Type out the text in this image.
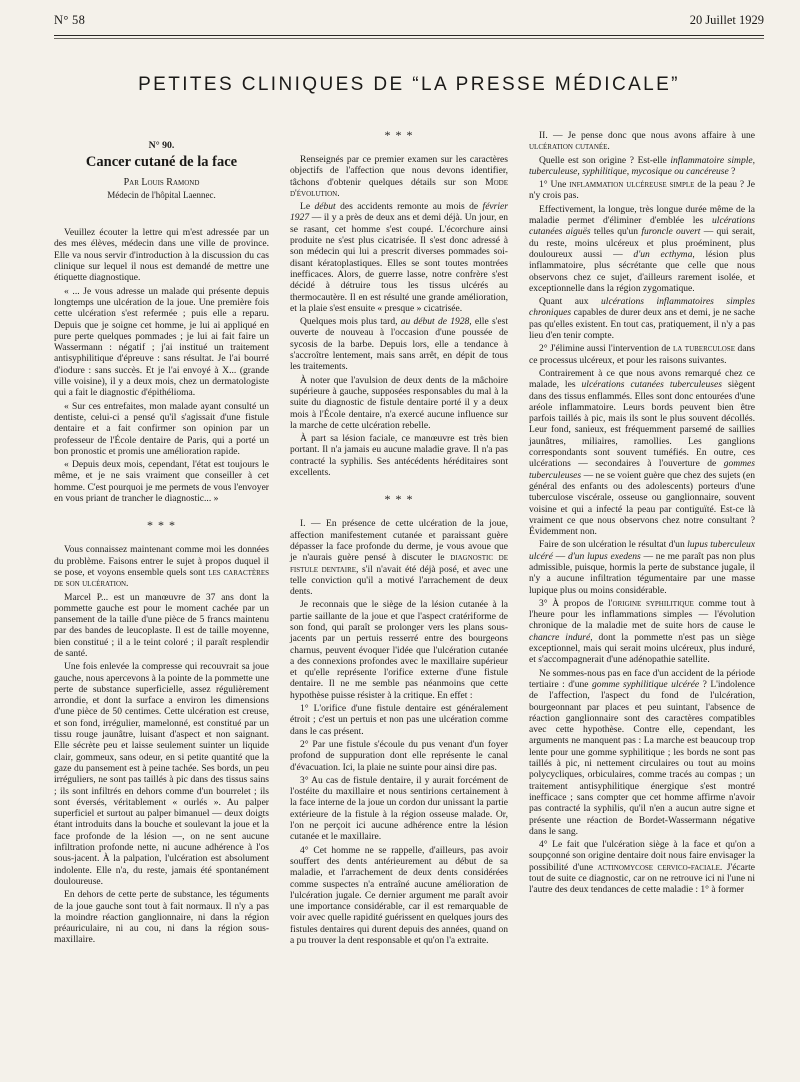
N° 58	20 Juillet 1929
PETITES CLINIQUES DE “LA PRESSE MÉDICALE”
N° 90.
Cancer cutané de la face
Par Louis Ramond
Médecin de l'hôpital Laennec.

Veuillez écouter la lettre qui m'est adressée par un des mes élèves, médecin dans une ville de province. Elle va nous servir d'introduction à la discussion du cas clinique sur lequel il nous est demandé de mettre une étiquette diagnostique.

« ... Je vous adresse un malade qui présente depuis longtemps une ulcération de la joue. Une première fois cette ulcération s'est refermée ; puis elle a reparu. Depuis que je soigne cet homme, je lui ai appliqué en pure perte quelques pommades ; je lui ai fait faire un Wassermann : négatif ; j'ai institué un traitement antisyphilitique d'épreuve : sans résultat. Je l'ai bourré d'iodure : sans succès. Et je l'ai envoyé à X... (grande ville voisine), il y a deux mois, chez un dermatologiste qui a fait le diagnostic d'épithélioma.

« Sur ces entrefaites, mon malade ayant consulté un dentiste, celui-ci a pensé qu'il s'agissait d'une fistule dentaire et a fait confirmer son opinion par un professeur de l'École dentaire de Paris, qui a porté un bon pronostic et promis une amélioration rapide.

« Depuis deux mois, cependant, l'état est toujours le même, et je ne sais vraiment que conseiller à cet homme. C'est pourquoi je me permets de vous l'envoyer en vous priant de trancher le diagnostic... »

* * *

Vous connaissez maintenant comme moi les données du problème. Faisons entrer le sujet à propos duquel il se pose, et voyons ensemble quels sont les caractères de son ulcération.

Marcel P... est un manœuvre de 37 ans dont la pommette gauche est pour le moment cachée par un pansement de la taille d'une pièce de 5 francs maintenu par des bandes de leucoplaste. Il est de taille moyenne, bien constitué ; il a le teint coloré ; il paraît resplendir de santé.

Une fois enlevée la compresse qui recouvrait sa joue gauche, nous apercevons à la pointe de la pommette une perte de substance superficielle, assez régulièrement arrondie, et dont la surface a environ les dimensions d'une pièce de 50 centimes. Cette ulcération est creuse, et son fond, irrégulier, mamelonné, est constitué par un tissu rouge jaunâtre, luisant d'aspect et non saignant. Elle sécrète peu et laisse seulement suinter un liquide clair, gommeux, sans odeur, en si petite quantité que la gaze du pansement est à peine tachée. Ses bords, un peu irréguliers, ne sont pas taillés à pic dans des tissus sains ; ils sont infiltrés en dehors comme d'un bourrelet ; ils sont éversés, véritablement « ourlés ». Au palper superficiel et surtout au palper bimanuel — deux doigts étant introduits dans la bouche et soulevant la joue et la face profonde de la lésion —, on ne sent aucune infiltration profonde nette, ni aucune adhérence à l'os sous-jacent. À la palpation, l'ulcération est absolument indolente. Elle n'a, du reste, jamais été spontanément douloureuse.

En dehors de cette perte de substance, les téguments de la joue gauche sont tout à fait normaux. Il n'y a pas la moindre réaction ganglionnaire, ni dans la région préauriculaire, ni au cou, ni dans la région sous-maxillaire.

* * *

Renseignés par ce premier examen sur les caractères objectifs de l'affection que nous devons identifier, tâchons d'obtenir quelques détails sur son Mode d'évolution.

Le début des accidents remonte au mois de février 1927 — il y a près de deux ans et demi déjà. Un jour, en se rasant, cet homme s'est coupé. L'écorchure ainsi produite ne s'est plus cicatrisée. Il s'est donc adressé à son médecin qui lui a prescrit diverses pommades soi-disant kératoplastiques. Elles se sont toutes montrées inefficaces. Alors, de guerre lasse, notre confrère s'est décidé à détruire tous les tissus ulcérés au thermocautère. Il en est résulté une grande amélioration, et la plaie s'est ensuite « presque » cicatrisée.

Quelques mois plus tard, au début de 1928, elle s'est ouverte de nouveau à l'occasion d'une poussée de sycosis de la barbe. Depuis lors, elle a tendance à s'accroître lentement, mais sans arrêt, en dépit de tous les traitements.

À noter que l'avulsion de deux dents de la mâchoire supérieure à gauche, supposées responsables du mal à la suite du diagnostic de fistule dentaire porté il y a deux mois à l'École dentaire, n'a exercé aucune influence sur la marche de cette ulcération rebelle.

À part sa lésion faciale, ce manœuvre est très bien portant. Il n'a jamais eu aucune maladie grave. Il n'a pas contracté la syphilis. Ses antécédents héréditaires sont excellents.

* * *

I. — En présence de cette ulcération de la joue, affection manifestement cutanée et paraissant guère dépasser la face profonde du derme, je vous avoue que je n'aurais guère pensé à discuter le diagnostic de fistule dentaire, s'il n'avait été déjà posé, et avec une telle conviction qu'il a motivé l'arrachement de deux dents.

Je reconnais que le siège de la lésion cutanée à la partie saillante de la joue et que l'aspect cratériforme de son fond, qui paraît se prolonger vers les plans sous-jacents par un pertuis resserré entre des bourgeons charnus, peuvent évoquer l'idée que l'ulcération cutanée a des connexions profondes avec le maxillaire supérieur et qu'elle représente l'orifice externe d'une fistule dentaire. Il ne me semble pas néanmoins que cette hypothèse puisse résister à la critique. En effet :

1° L'orifice d'une fistule dentaire est généralement étroit ; c'est un pertuis et non pas une ulcération comme dans le cas présent.

2° Par une fistule s'écoule du pus venant d'un foyer profond de suppuration dont elle représente le canal d'évacuation. Ici, la plaie ne suinte pour ainsi dire pas.

3° Au cas de fistule dentaire, il y aurait forcément de l'ostéite du maxillaire et nous sentirions certainement à la face interne de la joue un cordon dur unissant la partie extérieure de la fistule à la région osseuse malade. Or, l'on ne perçoit ici aucune adhérence entre la lésion cutanée et le maxillaire.

4° Cet homme ne se rappelle, d'ailleurs, pas avoir souffert des dents antérieurement au début de sa maladie, et l'arrachement de deux dents considérées comme suspectes n'a entraîné aucune amélioration de l'ulcération jugale. Ce dernier argument me paraît avoir une importance considérable, car il est remarquable de voir avec quelle rapidité guérissent en quelques jours des fistules dentaires qui durent depuis des années, quand on a pu trouver la dent responsable et qu'on l'a extraite.

II. — Je pense donc que nous avons affaire à une ulcération cutanée.

Quelle est son origine ? Est-elle inflammatoire simple, tuberculeuse, syphilitique, mycosique ou cancéreuse ?

1° Une inflammation ulcéreuse simple de la peau ? Je n'y crois pas.

Effectivement, la longue, très longue durée même de la maladie permet d'éliminer d'emblée les ulcérations cutanées aiguës telles qu'un furoncle ouvert — qui serait, du reste, moins ulcéreux et plus proéminent, plus douloureux aussi — d'un ecthyma, lésion plus inflammatoire, plus sécrétante que celle que nous observons chez ce sujet, d'ailleurs rarement isolée, et exceptionnelle dans la région zygomatique.

Quant aux ulcérations inflammatoires simples chroniques capables de durer deux ans et demi, je ne sache pas qu'elles existent. En tout cas, pratiquement, il n'y a pas lieu d'en tenir compte.

2° J'élimine aussi l'intervention de la tuberculose dans ce processus ulcéreux, et pour les raisons suivantes.

Contrairement à ce que nous avons remarqué chez ce malade, les ulcérations cutanées tuberculeuses siègent dans des tissus enflammés. Elles sont donc entourées d'une aréole inflammatoire. Leurs bords peuvent bien être parfois taillés à pic, mais ils sont le plus souvent décollés. Leur fond, sanieux, est fréquemment parsemé de saillies jaunâtres, miliaires, ramollies. Les ganglions correspondants sont souvent tuméfiés. En outre, ces ulcérations — secondaires à l'ouverture de gommes tuberculeuses — ne se voient guère que chez des sujets (en général des enfants ou des adolescents) porteurs d'une tuberculose viscérale, osseuse ou ganglionnaire, souvent voisine et qui a infecté la peau par contiguïté. Est-ce là vraiment ce que nous observons chez notre consultant ? Évidemment non.

Faire de son ulcération le résultat d'un lupus tuberculeux ulcéré — d'un lupus exedens — ne me paraît pas non plus admissible, puisque, hormis la perte de substance jugale, il n'y a aucune infiltration tégumentaire par une masse lupique plus ou moins considérable.

3° À propos de l'origine syphilitique comme tout à l'heure pour les inflammations simples — l'évolution chronique de la maladie met de suite hors de cause le chancre induré, dont la pommette n'est pas un siège exceptionnel, mais qui serait moins ulcéreux, plus induré, et s'accompagnerait d'une adénopathie satellite.

Ne sommes-nous pas en face d'un accident de la période tertiaire : d'une gomme syphilitique ulcérée ? L'indolence de l'affection, l'aspect du fond de l'ulcération, bourgeonnant par places et peu suintant, l'absence de réaction ganglionnaire sont des caractères compatibles avec cette hypothèse. Contre elle, cependant, les arguments ne manquent pas : La marche est beaucoup trop lente pour une gomme syphilitique ; les bords ne sont pas taillés à pic, ni nettement circulaires ou tout au moins polycycliques, orbiculaires, comme tracés au compas ; un traitement antisyphilitique énergique s'est montré inefficace ; sans compter que cet homme affirme n'avoir pas contracté la syphilis, qu'il n'en a aucun autre signe et présente une réaction de Bordet-Wassermann négative dans le sang.

4° Le fait que l'ulcération siège à la face et qu'on a soupçonné son origine dentaire doit nous faire envisager la possibilité d'une actinomycose cervico-faciale. J'écarte tout de suite ce diagnostic, car on ne retrouve ici ni l'une ni l'autre des deux tendances de cette maladie : 1° à former
